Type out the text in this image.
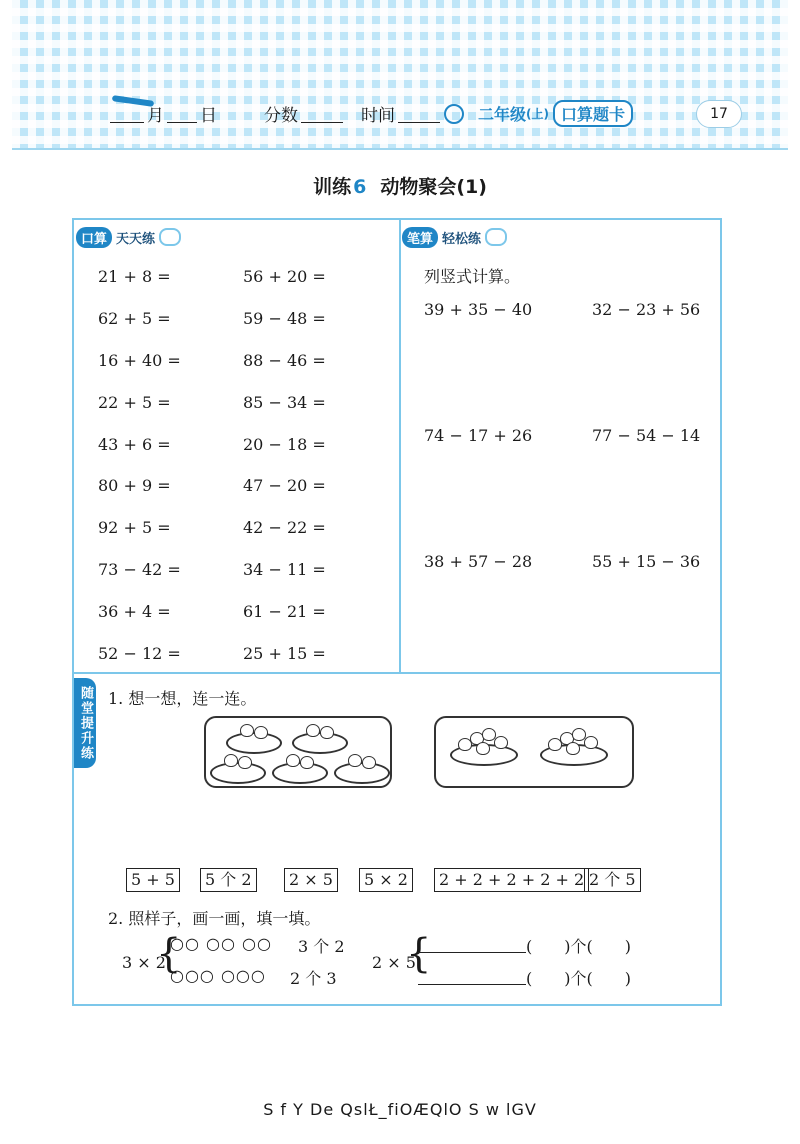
月 日	分数	时间	二年级 (上) 口算题卡	17
训练 6 动物聚会(1)
口算 天天练
21 + 8 =	56 + 20 =
62 + 5 =	59 − 48 =
16 + 40 =	88 − 46 =
22 + 5 =	85 − 34 =
43 + 6 =	20 − 18 =
80 + 9 =	47 − 20 =
92 + 5 =	42 − 22 =
73 − 42 =	34 − 11 =
36 + 4 =	61 − 21 =
52 − 12 =	25 + 15 =
笔算 轻松练
列竖式计算。
39 + 35 − 40	32 − 23 + 56
74 − 17 + 26	77 − 54 − 14
38 + 57 − 28	55 + 15 − 36
随堂提升练 1. 想一想，连一连。
5 + 5	5 个 2	2 × 5	5 × 2	2 + 2 + 2 + 2 + 2 2 个 5
2. 照样子，画一画，填一填。
3 × 2
{
○○ ○○ ○○ 3 个 2
○○○ ○○○ 2 个 3
2 × 5
{	(　　)个(　　)
(　　)个(　　)
S f Y De QslŁ_fiOÆQlO S w lGV
